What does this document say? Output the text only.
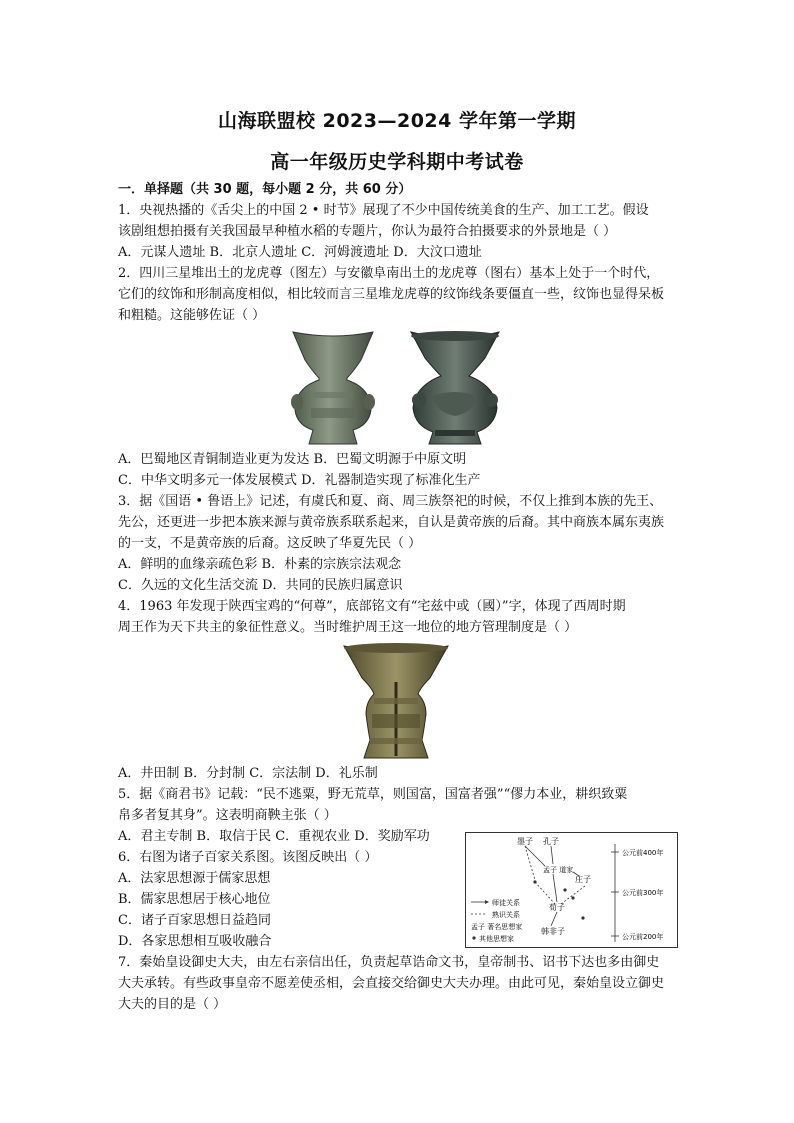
山海联盟校 2023—2024 学年第一学期
高一年级历史学科期中考试卷
一．单择题（共 30 题，每小题 2 分，共 60 分）
1．央视热播的《舌尖上的中国 2 • 时节》展现了不少中国传统美食的生产、加工工艺。假设
该剧组想拍摄有关我国最早种植水稻的专题片，你认为最符合拍摄要求的外景地是（ ）
A．元谋人遗址 B．北京人遗址 C．河姆渡遗址 D．大汶口遗址
2．四川三星堆出土的龙虎尊（图左）与安徽阜南出土的龙虎尊（图右）基本上处于一个时代，
它们的纹饰和形制高度相似，相比较而言三星堆龙虎尊的纹饰线条要僵直一些，纹饰也显得呆板
和粗糙。这能够佐证（ ）
A．巴蜀地区青铜制造业更为发达 B．巴蜀文明源于中原文明
C．中华文明多元一体发展模式 D．礼器制造实现了标准化生产
3．据《国语 • 鲁语上》记述，有虞氏和夏、商、周三族祭祀的时候，不仅上推到本族的先王、
先公，还更进一步把本族来源与黄帝族系联系起来，自认是黄帝族的后裔。其中商族本属东夷族
的一支，不是黄帝族的后裔。这反映了华夏先民（ ）
A．鲜明的血缘亲疏色彩 B．朴素的宗族宗法观念
C．久远的文化生活交流 D．共同的民族归属意识
4．1963 年发现于陕西宝鸡的“何尊”，底部铭文有“宅兹中或（國）”字，体现了西周时期
周王作为天下共主的象征性意义。当时维护周王这一地位的地方管理制度是（ ）
A．井田制 B．分封制 C．宗法制 D．礼乐制
5．据《商君书》记载：“民不逃粟，野无荒草，则国富，国富者强”“僇力本业，耕织致粟
帛多者复其身”。这表明商鞅主张（ ）
A．君主专制 B．取信于民 C．重视农业 D．奖励军功
6．右图为诸子百家关系图。该图反映出（ ）
A．法家思想源于儒家思想
B．儒家思想居于核心地位
C．诸子百家思想日益趋同
D．各家思想相互吸收融合
公元前400年
公元前300年
公元前200年
墨子 孔子
孟子 道家
庄子
荀子
韩非子
师徒关系
熟识关系
孟子 著名思想家
其他思想家
7．秦始皇设御史大夫，由左右亲信出任，负责起草诰命文书，皇帝制书、诏书下达也多由御史
大夫承转。有些政事皇帝不愿差使丞相，会直接交给御史大夫办理。由此可见，秦始皇设立御史
大夫的目的是（ ）
